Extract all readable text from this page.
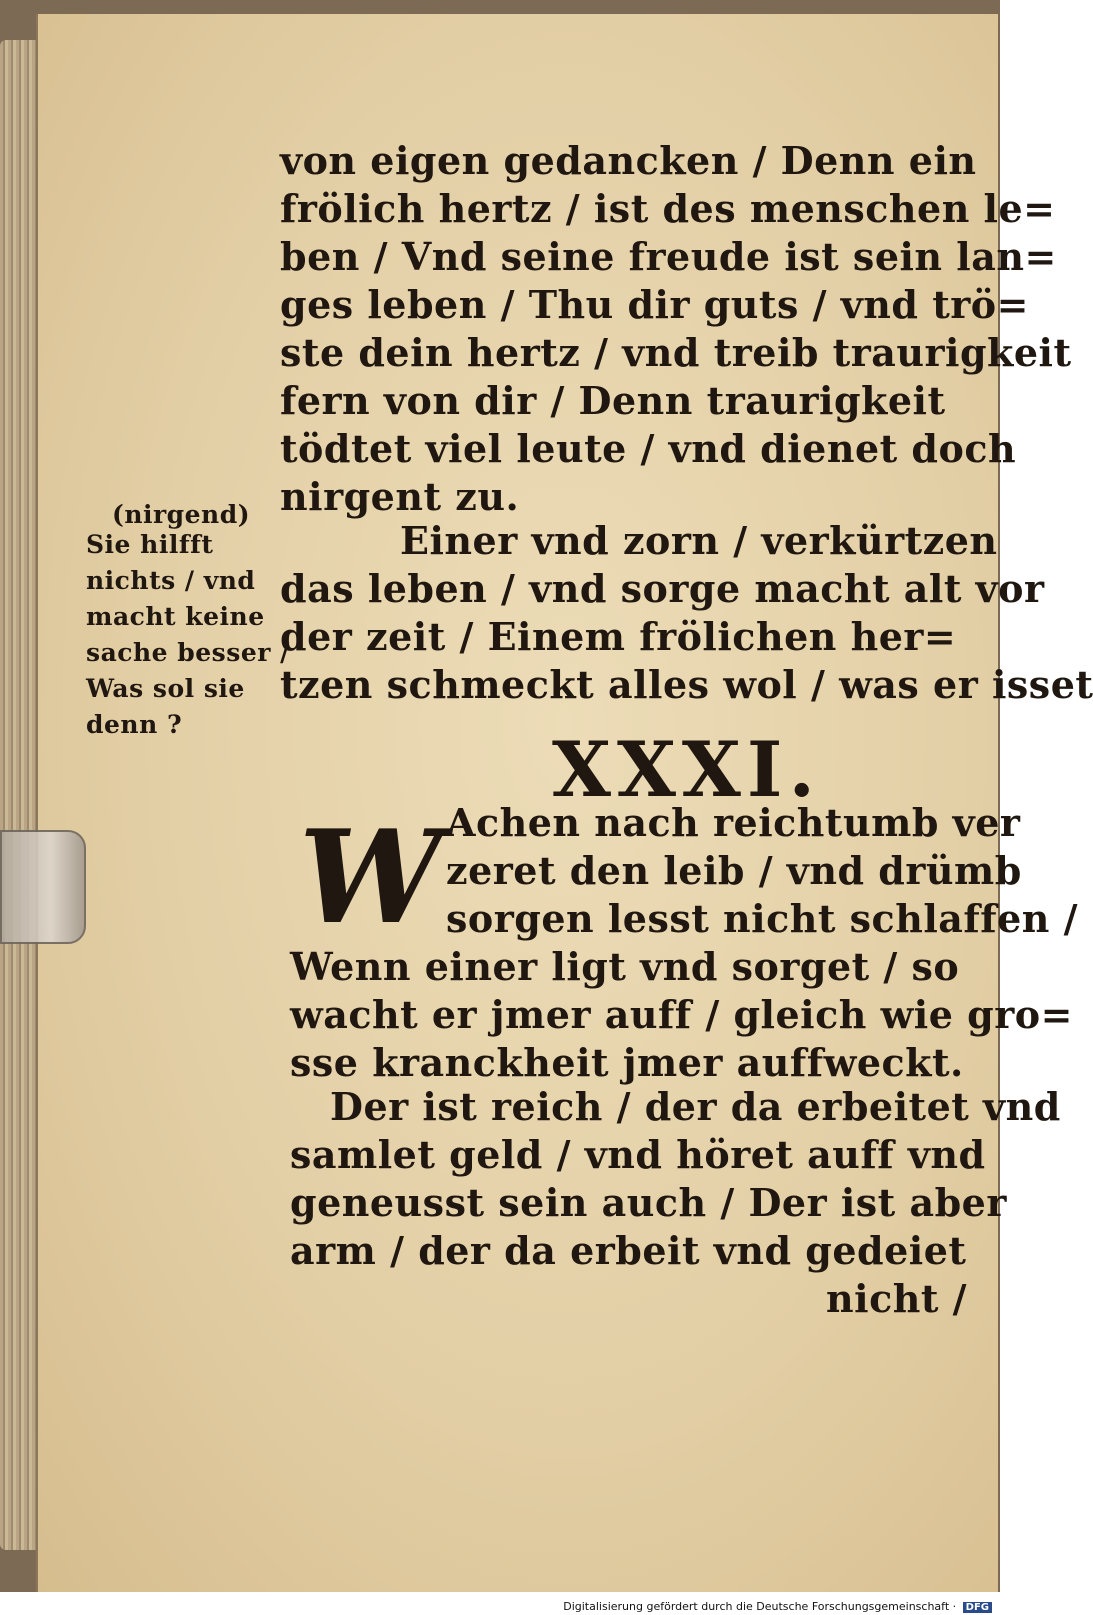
von eigen gedancken / Denn ein
frölich hertz / ist des menschen le=
ben / Vnd seine freude ist sein lan=
ges leben / Thu dir guts / vnd trö=
ste dein hertz / vnd treib traurigkeit
fern von dir / Denn traurigkeit
tödtet viel leute / vnd dienet doch
nirgent zu.
Einer vnd zorn / verkürtzen
das leben / vnd sorge macht alt vor
der zeit / Einem frölichen her=
tzen schmeckt alles wol / was er isset
(nirgend)
Sie hilfft
nichts / vnd
macht keine
sache besser /
Was sol sie
denn ?
XXXI.
W Achen nach reichtumb ver
zeret den leib / vnd drümb
sorgen lesst nicht schlaffen /
Wenn einer ligt vnd sorget / so
wacht er jmer auff / gleich wie gro=
sse kranckheit jmer auffweckt.
Der ist reich / der da erbeitet vnd
samlet geld / vnd höret auff vnd
geneusst sein auch / Der ist aber
arm / der da erbeit vnd gedeiet
nicht /
Digitalisierung gefördert durch die Deutsche Forschungsgemeinschaft · DFG
